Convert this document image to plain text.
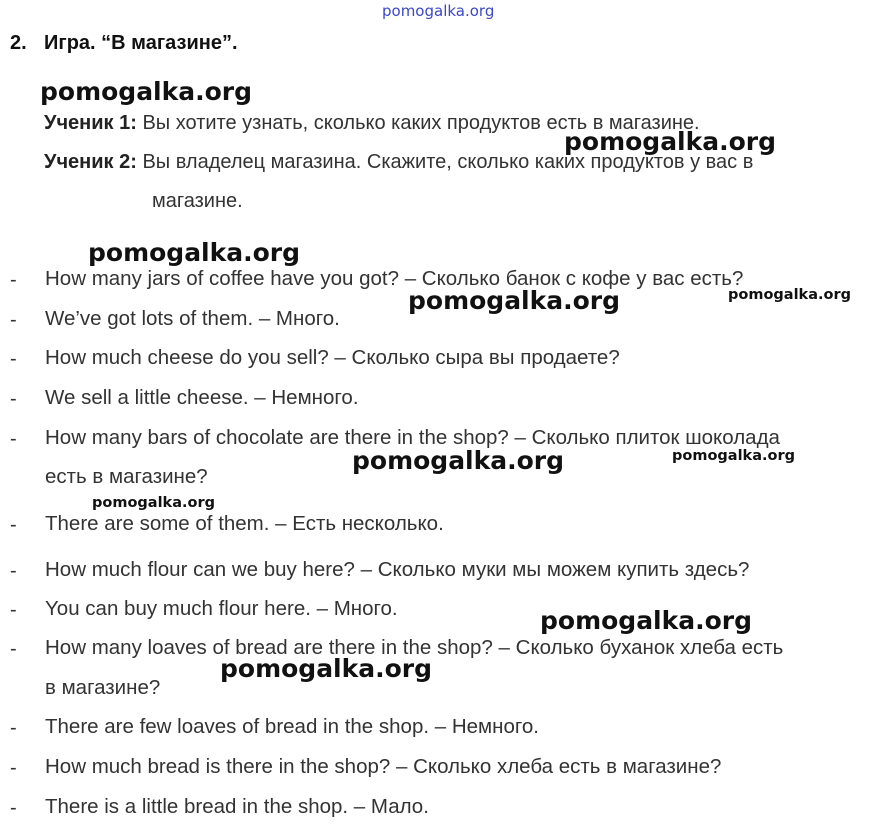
pomogalka.org
2. Игра. “В магазине”.
pomogalka.org
pomogalka.org
pomogalka.org
pomogalka.org
pomogalka.org
pomogalka.org
pomogalka.org
pomogalka.org
pomogalka.org
pomogalka.org
Ученик 1: Вы хотите узнать, сколько каких продуктов есть в магазине.
Ученик 2: Вы владелец магазина. Скажите, сколько каких продуктов у вас в
магазине.
- How many jars of coffee have you got? – Сколько банок с кофе у вас есть?
- We’ve got lots of them. – Много.
- How much cheese do you sell? – Сколько сыра вы продаете?
- We sell a little cheese. – Немного.
- How many bars of chocolate are there in the shop? – Сколько плиток шоколада
есть в магазине?
- There are some of them. – Есть несколько.
- How much flour can we buy here? – Сколько муки мы можем купить здесь?
- You can buy much flour here. – Много.
- How many loaves of bread are there in the shop? – Сколько буханок хлеба есть
в магазине?
- There are few loaves of bread in the shop. – Немного.
- How much bread is there in the shop? – Сколько хлеба есть в магазине?
- There is a little bread in the shop. – Мало.
